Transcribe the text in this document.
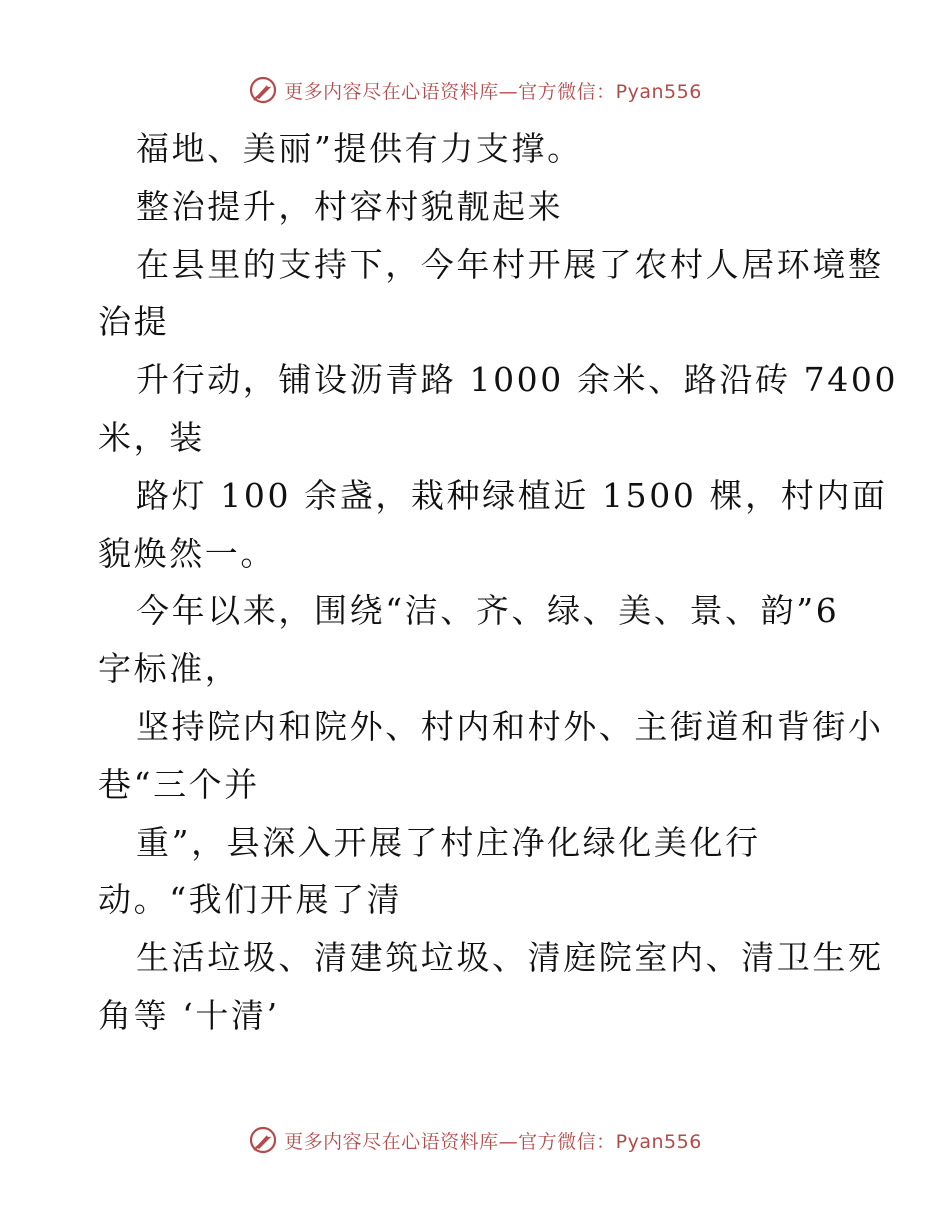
更多内容尽在心语资料库—官方微信：Pyan556
福地、美丽”提供有力支撑。
整治提升，村容村貌靓起来
在县里的支持下，今年村开展了农村人居环境整
治提
升行动，铺设沥青路 1000 余米、路沿砖 7400
米，装
路灯 100 余盏，栽种绿植近 1500 棵，村内面
貌焕然一。
今年以来，围绕“洁、齐、绿、美、景、韵”6
字标准，
坚持院内和院外、村内和村外、主街道和背街小
巷“三个并
重”，县深入开展了村庄净化绿化美化行
动。“我们开展了清
生活垃圾、清建筑垃圾、清庭院室内、清卫生死
角等 ‘十清’
更多内容尽在心语资料库—官方微信：Pyan556
